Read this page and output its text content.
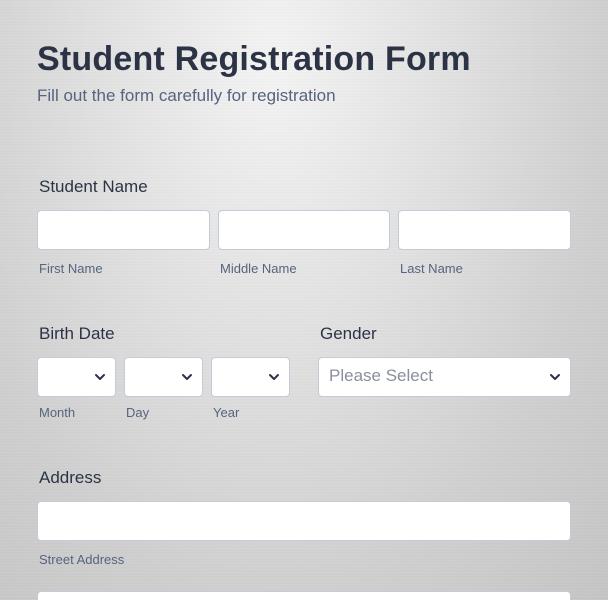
Student Registration Form
Fill out the form carefully for registration
Student Name
First Name	Middle Name	Last Name
Birth Date
Month	Day	Year
Gender
Please Select
Address
Street Address
